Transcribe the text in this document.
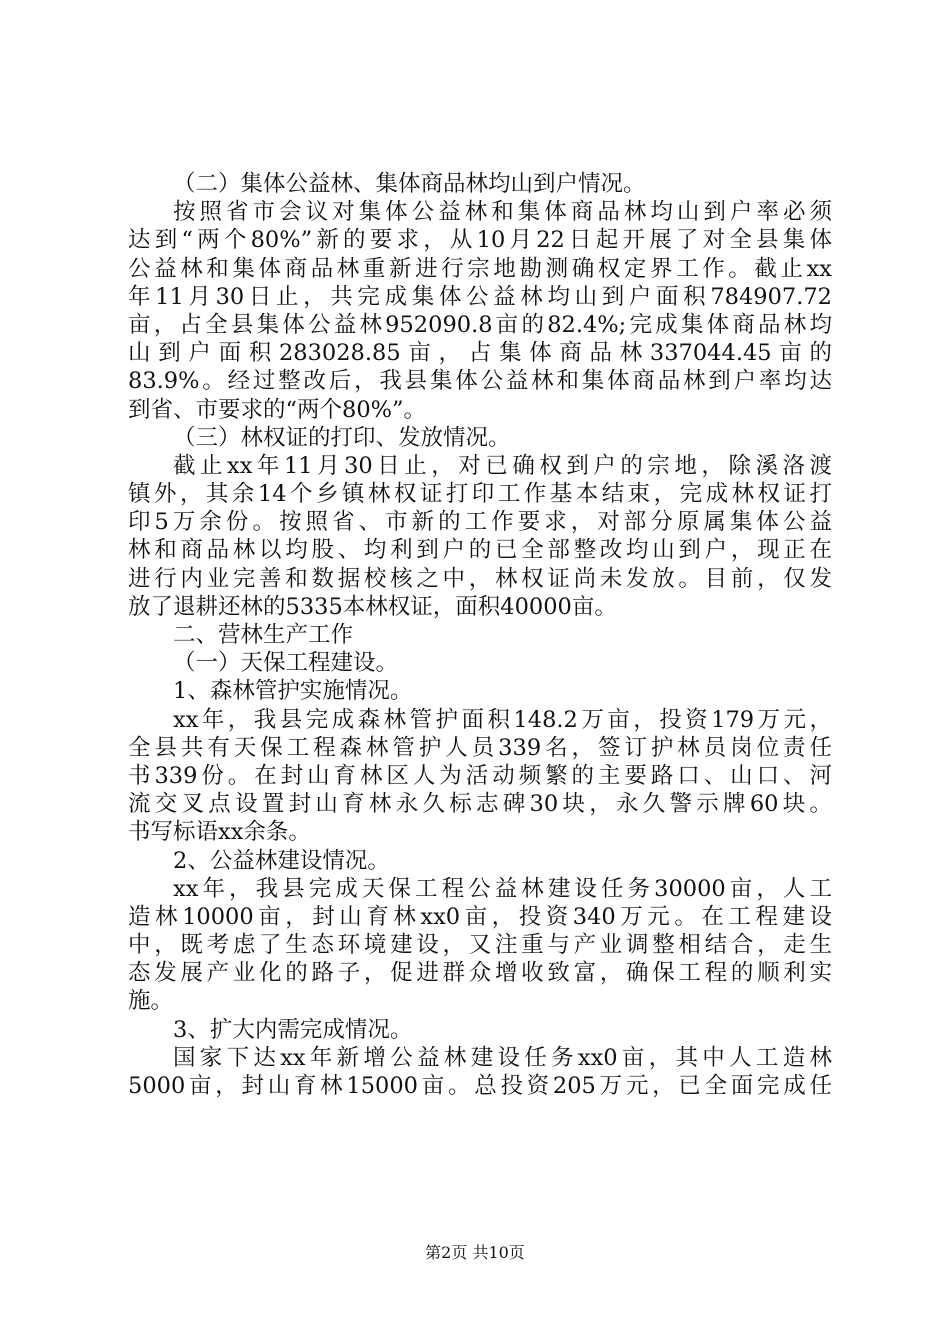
（二）集体公益林、集体商品林均山到户情况。
按照省市会议对集体公益林和集体商品林均山到户率必须
达到“两个80%”新的要求，从10月22日起开展了对全县集体
公益林和集体商品林重新进行宗地勘测确权定界工作。截止xx
年11月30日止，共完成集体公益林均山到户面积784907.72
亩，占全县集体公益林952090.8亩的82.4%;完成集体商品林均
山到户面积283028.85亩，占集体商品林337044.45亩的
83.9%。经过整改后，我县集体公益林和集体商品林到户率均达
到省、市要求的“两个80%”。
（三）林权证的打印、发放情况。
截止xx年11月30日止，对已确权到户的宗地，除溪洛渡
镇外，其余14个乡镇林权证打印工作基本结束，完成林权证打
印5万余份。按照省、市新的工作要求，对部分原属集体公益
林和商品林以均股、均利到户的已全部整改均山到户，现正在
进行内业完善和数据校核之中，林权证尚未发放。目前，仅发
放了退耕还林的5335本林权证，面积40000亩。
二、营林生产工作
（一）天保工程建设。
1、森林管护实施情况。
xx年，我县完成森林管护面积148.2万亩，投资179万元，
全县共有天保工程森林管护人员339名，签订护林员岗位责任
书339份。在封山育林区人为活动频繁的主要路口、山口、河
流交叉点设置封山育林永久标志碑30块，永久警示牌60块。
书写标语xx余条。
2、公益林建设情况。
xx年，我县完成天保工程公益林建设任务30000亩，人工
造林10000亩，封山育林xx0亩，投资340万元。在工程建设
中，既考虑了生态环境建设，又注重与产业调整相结合，走生
态发展产业化的路子，促进群众增收致富，确保工程的顺利实
施。
3、扩大内需完成情况。
国家下达xx年新增公益林建设任务xx0亩，其中人工造林
5000亩，封山育林15000亩。总投资205万元，已全面完成任
第2页 共10页
